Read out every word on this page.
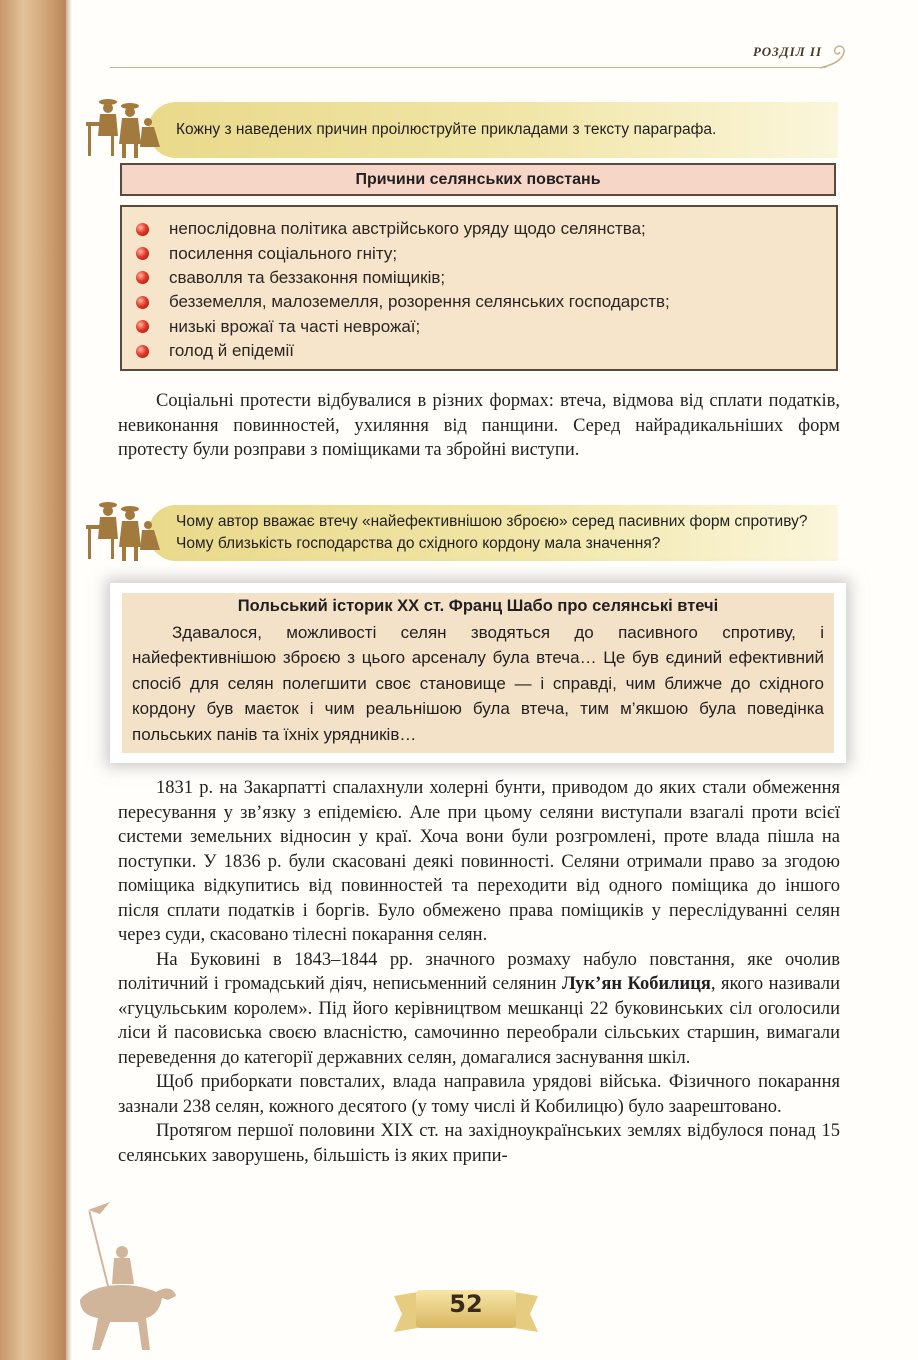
РОЗДІЛ ІІ
Кожну з наведених причин проілюструйте прикладами з тексту параграфа.
Причини селянських повстань
непослідовна політика австрійського уряду щодо селянства;
посилення соціального гніту;
сваволля та беззаконня поміщиків;
безземелля, малоземелля, розорення селянських господарств;
низькі врожаї та часті неврожаї;
голод й епідемії

Соціальні протести відбувалися в різних формах: втеча, відмова від сплати податків, невиконання повинностей, ухиляння від панщини. Серед найрадикальніших форм протесту були розправи з поміщиками та збройні виступи.

Чому автор вважає втечу «найефективнішою зброєю» серед пасивних форм спротиву? Чому близькість господарства до східного кордону мала значення?
Польський історик ХХ ст. Франц Шабо про селянські втечі
Здавалося, можливості селян зводяться до пасивного спротиву, і найефективнішою зброєю з цього арсеналу була втеча… Це був єдиний ефективний спосіб для селян полегшити своє становище — і справді, чим ближче до східного кордону був маєток і чим реальнішою була втеча, тим м’якшою була поведінка польських панів та їхніх урядників…

1831 р. на Закарпатті спалахнули холерні бунти, приводом до яких стали обмеження пересування у зв’язку з епідемією. Але при цьому селяни виступали взагалі проти всієї системи земельних відносин у краї. Хоча вони були розгромлені, проте влада пішла на поступки. У 1836 р. були скасовані деякі повинності. Селяни отримали право за згодою поміщика відкупитись від повинностей та переходити від одного поміщика до іншого після сплати податків і боргів. Було обмежено права поміщиків у переслідуванні селян через суди, скасовано тілесні покарання селян.

На Буковині в 1843–1844 рр. значного розмаху набуло повстання, яке очолив політичний і громадський діяч, неписьменний селянин Лук’ян Кобилиця, якого називали «гуцульським королем». Під його керівництвом мешканці 22 буковинських сіл оголосили ліси й пасовиська своєю власністю, самочинно переобрали сільських старшин, вимагали переведення до категорії державних селян, домагалися заснування шкіл.

Щоб приборкати повсталих, влада направила урядові війська. Фізичного покарання зазнали 238 селян, кожного десятого (у тому числі й Кобилицю) було заарештовано.

Протягом першої половини ХІХ ст. на західноукраїнських землях відбулося понад 15 селянських заворушень, більшість із яких припи-

52
